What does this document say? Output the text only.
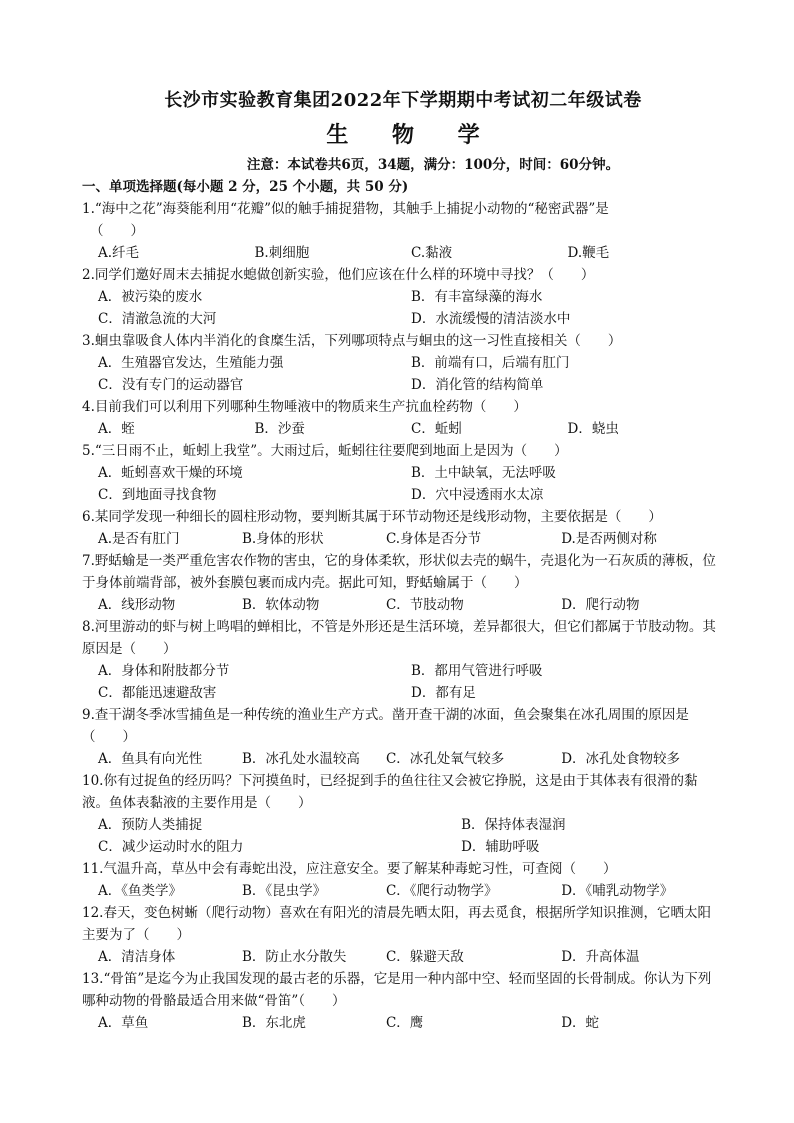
长沙市实验教育集团2022年下学期期中考试初二年级试卷

生 物 学

注意：本试卷共6页，34题，满分：100分，时间：60分钟。

一、单项选择题(每小题 2 分，25 个小题，共 50 分)

1.“海中之花”海葵能利用“花瓣”似的触手捕捉猎物，其触手上捕捉小动物的“秘密武器”是

（　　）

A.纤毛	B.刺细胞	C.黏液	D.鞭毛

2.同学们邀好周末去捕捉水螅做创新实验，他们应该在什么样的环境中寻找？（　　）

A．被污染的废水	B．有丰富绿藻的海水
C．清澈急流的大河	D．水流缓慢的清洁淡水中

3.蛔虫靠吸食人体内半消化的食糜生活，下列哪项特点与蛔虫的这一习性直接相关（　　）

A．生殖器官发达，生殖能力强	B．前端有口，后端有肛门
C．没有专门的运动器官	D．消化管的结构简单

4.目前我们可以利用下列哪种生物唾液中的物质来生产抗血栓药物（　　）

A．蛭	B．沙蚕	C．蚯蚓	D．蛲虫

5.“三日雨不止，蚯蚓上我堂”。大雨过后，蚯蚓往往要爬到地面上是因为（　　）

A．蚯蚓喜欢干燥的环境	B．土中缺氧，无法呼吸
C．到地面寻找食物	D．穴中浸透雨水太凉

6.某同学发现一种细长的圆柱形动物，要判断其属于环节动物还是线形动物，主要依据是（　　）

A.是否有肛门	B.身体的形状	C.身体是否分节	D.是否两侧对称

7.野蛞蝓是一类严重危害农作物的害虫，它的身体柔软，形状似去壳的蜗牛，壳退化为一石灰质的薄板，位于身体前端背部，被外套膜包裹而成内壳。据此可知，野蛞蝓属于（　　）

A．线形动物	B．软体动物	C．节肢动物	D．爬行动物

8.河里游动的虾与树上鸣唱的蝉相比，不管是外形还是生活环境，差异都很大，但它们都属于节肢动物。其原因是（　　）

A．身体和附肢都分节	B．都用气管进行呼吸
C．都能迅速避敌害	D．都有足

9.查干湖冬季冰雪捕鱼是一种传统的渔业生产方式。凿开查干湖的冰面，鱼会聚集在冰孔周围的原因是（　　）

A．鱼具有向光性	B．冰孔处水温较高	C．冰孔处氧气较多	D．冰孔处食物较多

10.你有过捉鱼的经历吗？下河摸鱼时，已经捉到手的鱼往往又会被它挣脱，这是由于其体表有很滑的黏液。鱼体表黏液的主要作用是（　　）

A．预防人类捕捉	B．保持体表湿润
C．减少运动时水的阻力	D．辅助呼吸

11.气温升高，草丛中会有毒蛇出没，应注意安全。要了解某种毒蛇习性，可查阅（　　）

A．《鱼类学》	B．《昆虫学》	C．《爬行动物学》	D．《哺乳动物学》

12.春天，变色树蜥（爬行动物）喜欢在有阳光的清晨先晒太阳，再去觅食，根据所学知识推测，它晒太阳主要为了（　　）

A．清洁身体	B．防止水分散失	C．躲避天敌	D．升高体温

13.“骨笛”是迄今为止我国发现的最古老的乐器，它是用一种内部中空、轻而坚固的长骨制成。你认为下列哪种动物的骨骼最适合用来做“骨笛”（　　）

A．草鱼	B．东北虎	C．鹰	D．蛇
